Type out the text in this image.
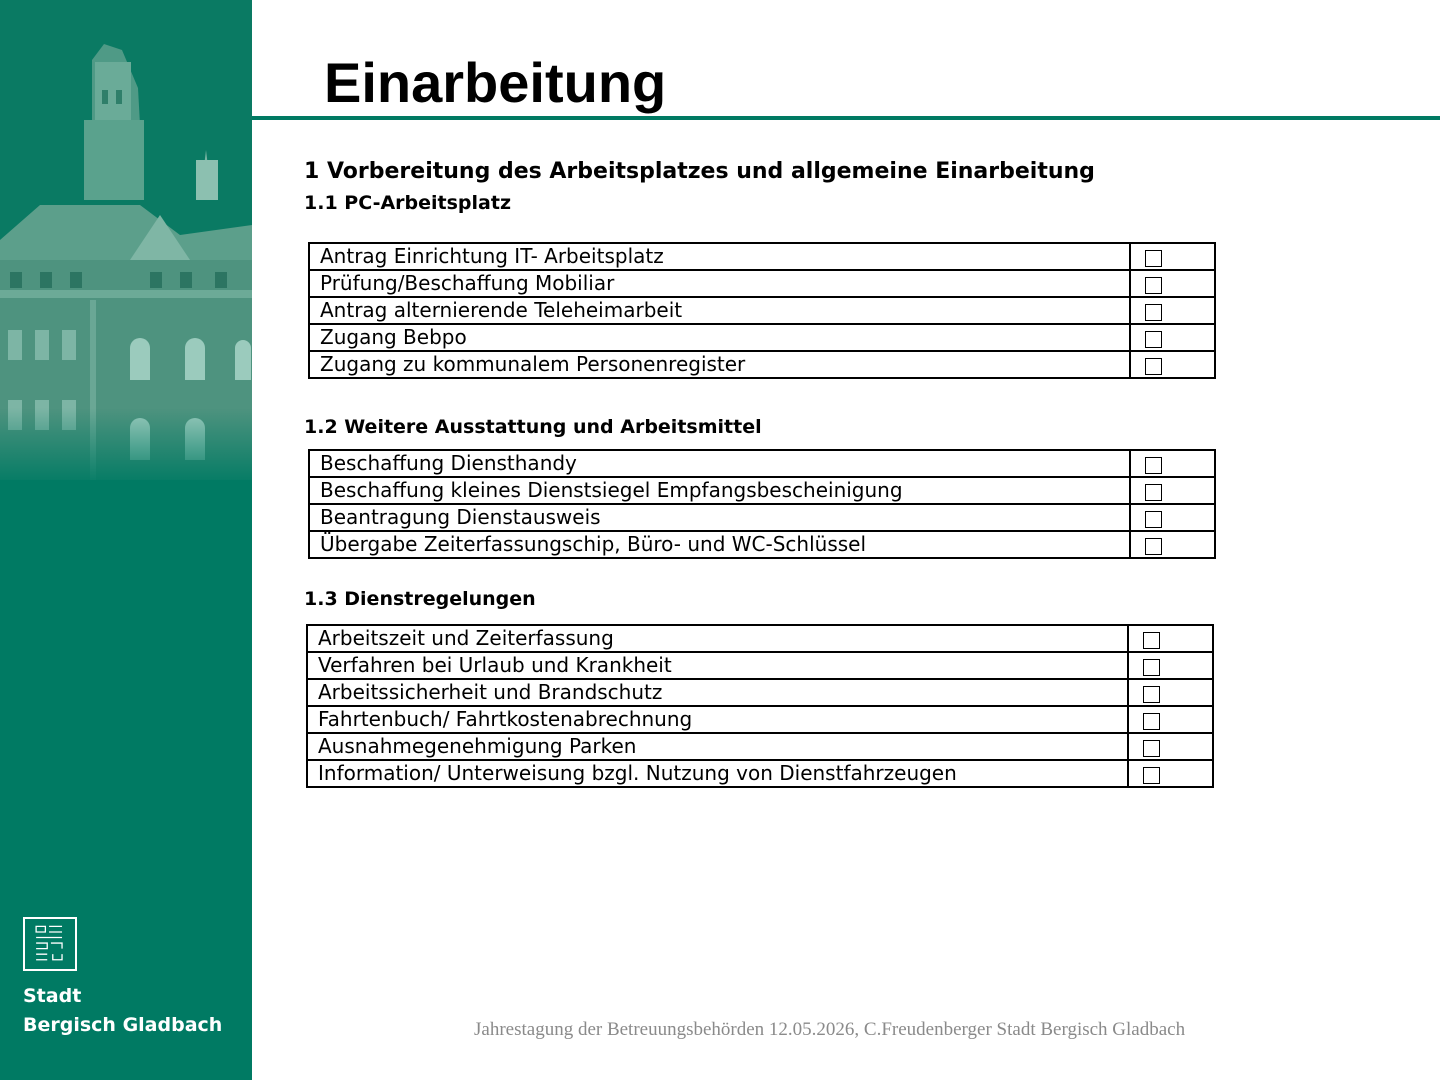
Stadt
Bergisch Gladbach
Einarbeitung
1 Vorbereitung des Arbeitsplatzes und allgemeine Einarbeitung
1.1 PC-Arbeitsplatz
Antrag Einrichtung IT- Arbeitsplatz	

Prüfung/Beschaffung Mobiliar	

Antrag alternierende Teleheimarbeit	

Zugang Bebpo	

Zugang zu kommunalem Personenregister	
1.2 Weitere Ausstattung und Arbeitsmittel
Beschaffung Diensthandy	

Beschaffung kleines Dienstsiegel Empfangsbescheinigung	

Beantragung Dienstausweis	

Übergabe Zeiterfassungschip, Büro- und WC-Schlüssel	
1.3 Dienstregelungen
Arbeitszeit und Zeiterfassung	

Verfahren bei Urlaub und Krankheit	

Arbeitssicherheit und Brandschutz	

Fahrtenbuch/ Fahrtkostenabrechnung	

Ausnahmegenehmigung Parken	

Information/ Unterweisung bzgl. Nutzung von Dienstfahrzeugen	
Jahrestagung der Betreuungsbehörden 12.05.2026, C.Freudenberger Stadt Bergisch Gladbach
